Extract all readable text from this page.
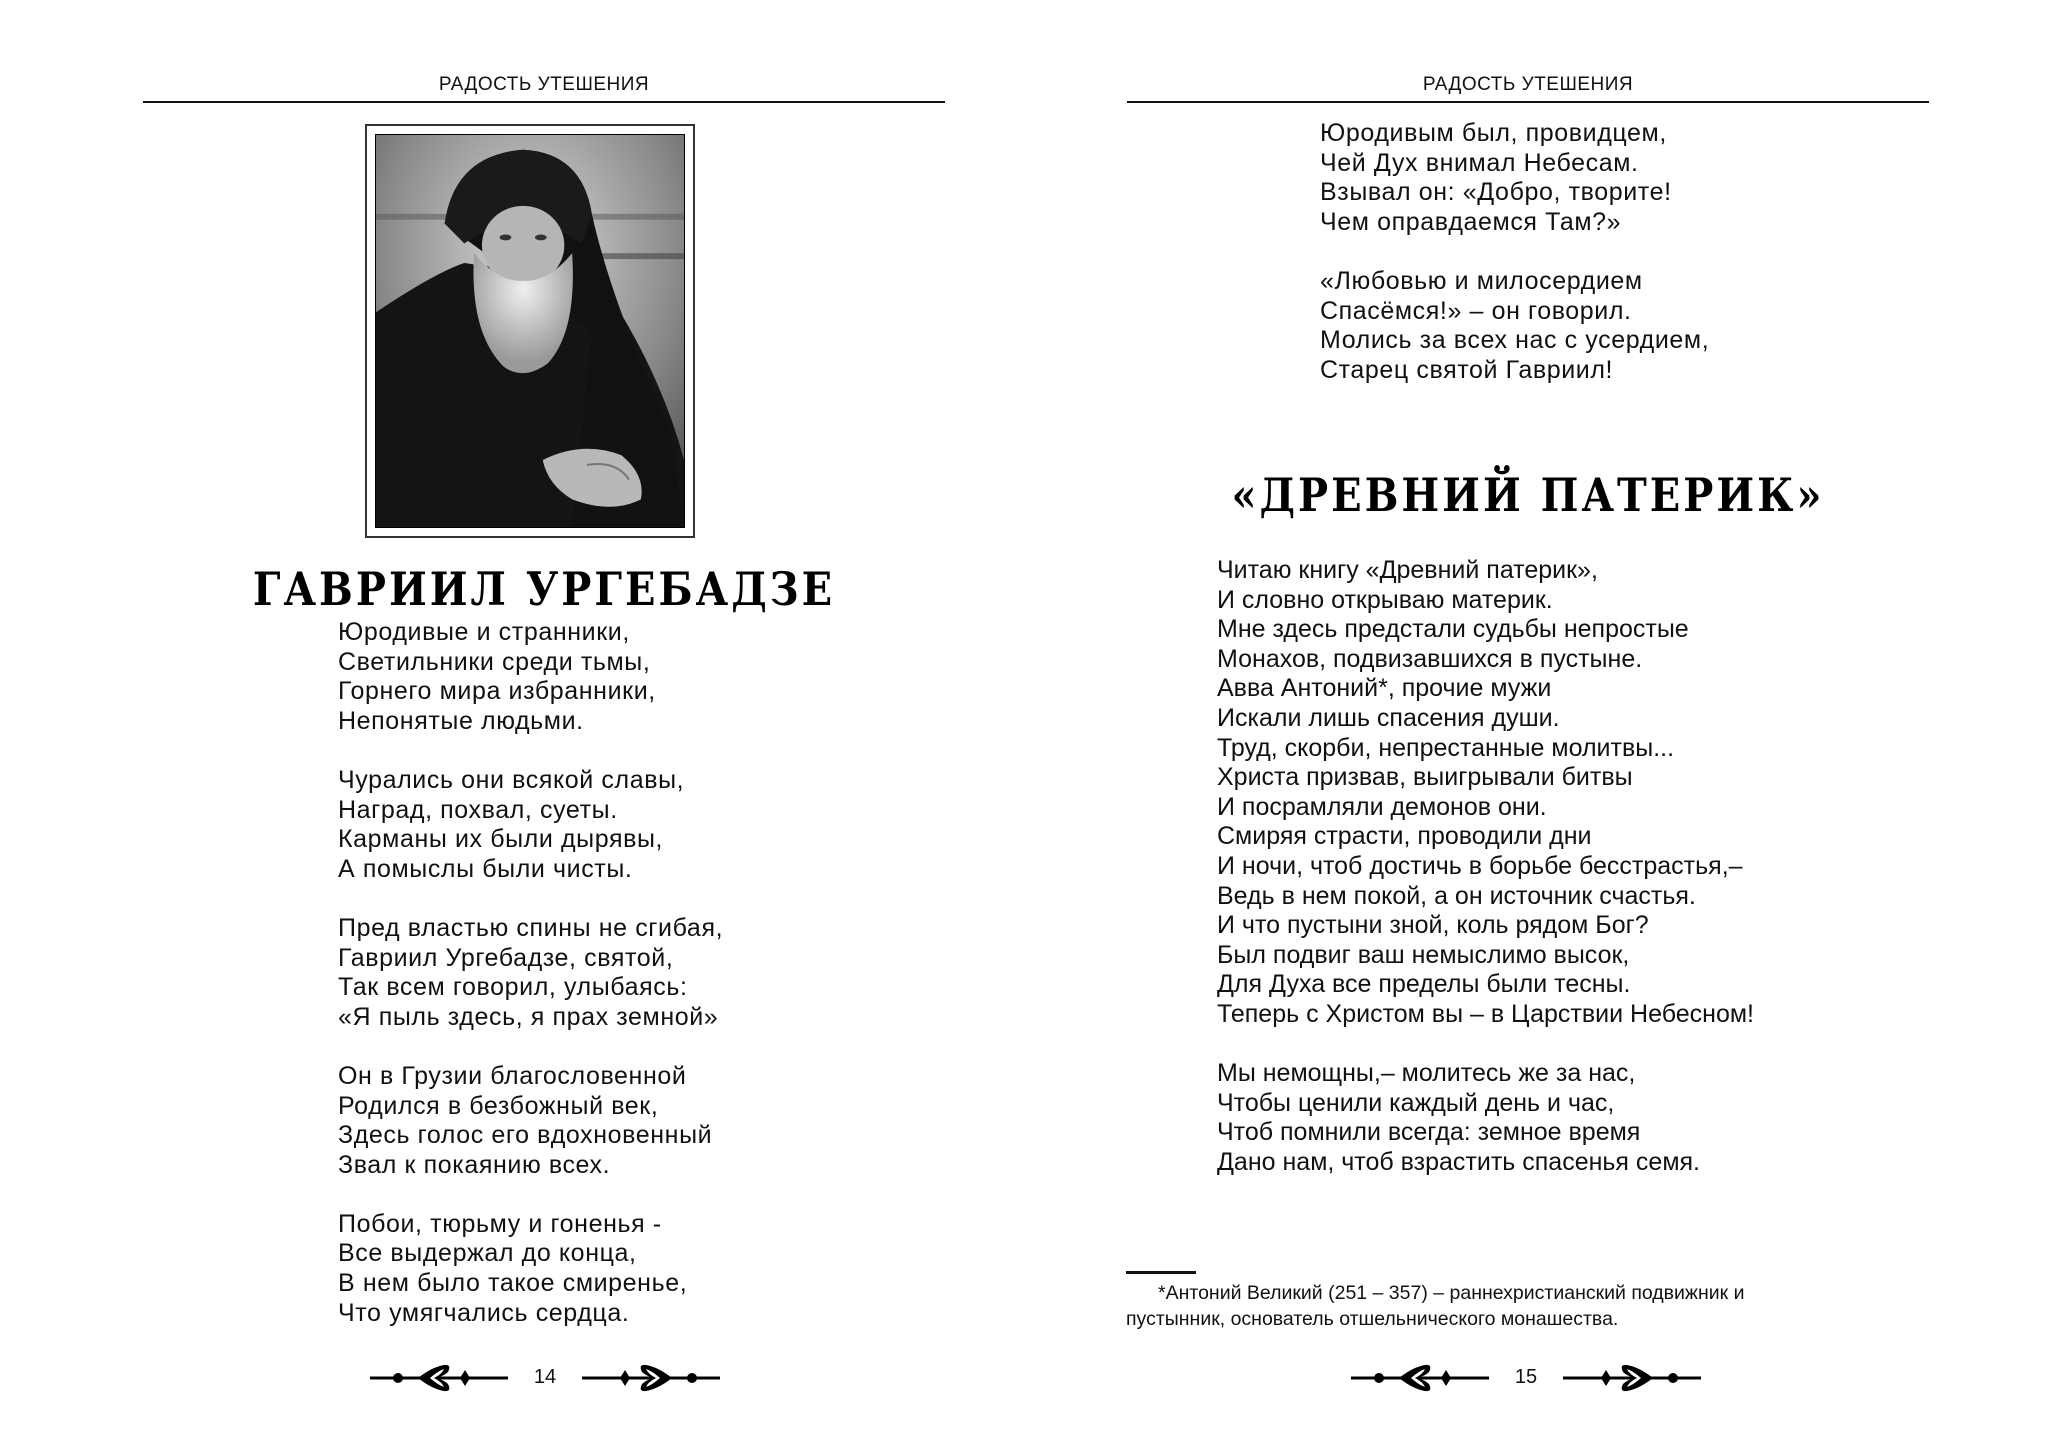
РАДОСТЬ УТЕШЕНИЯ
ГАВРИИЛ УРГЕБАДЗЕ
Юродивые и странники,
Светильники среди тьмы,
Горнего мира избранники,
Непонятые людьми.
Чурались они всякой славы,
Наград, похвал, суеты.
Карманы их были дырявы,
А помыслы были чисты.
Пред властью спины не сгибая,
Гавриил Ургебадзе, святой,
Так всем говорил, улыбаясь:
«Я пыль здесь, я прах земной»
Он в Грузии благословенной
Родился в безбожный век,
Здесь голос его вдохновенный
Звал к покаянию всех.
Побои, тюрьму и гоненья -
Все выдержал до конца,
В нем было такое смиренье,
Что умягчались сердца.
14
РАДОСТЬ УТЕШЕНИЯ
Юродивым был, провидцем,
Чей Дух внимал Небесам.
Взывал он: «Добро, творите!
Чем оправдаемся Там?»
«Любовью и милосердием
Спасёмся!» – он говорил.
Молись за всех нас с усердием,
Старец святой Гавриил!
«ДРЕВНИЙ ПАТЕРИК»
Читаю книгу «Древний патерик»,
И словно открываю материк.
Мне здесь предстали судьбы непростые
Монахов, подвизавшихся в пустыне.
Авва Антоний*, прочие мужи
Искали лишь спасения души.
Труд, скорби, непрестанные молитвы...
Христа призвав, выигрывали битвы
И посрамляли демонов они.
Смиряя страсти, проводили дни
И ночи, чтоб достичь в борьбе бесстрастья,–
Ведь в нем покой, а он источник счастья.
И что пустыни зной, коль рядом Бог?
Был подвиг ваш немыслимо высок,
Для Духа все пределы были тесны.
Теперь с Христом вы – в Царствии Небесном!
Мы немощны,– молитесь же за нас,
Чтобы ценили каждый день и час,
Чтоб помнили всегда: земное время
Дано нам, чтоб взрастить спасенья семя.
*Антоний Великий (251 – 357) – раннехристианский подвижник и
пустынник, основатель отшельнического монашества.
15
